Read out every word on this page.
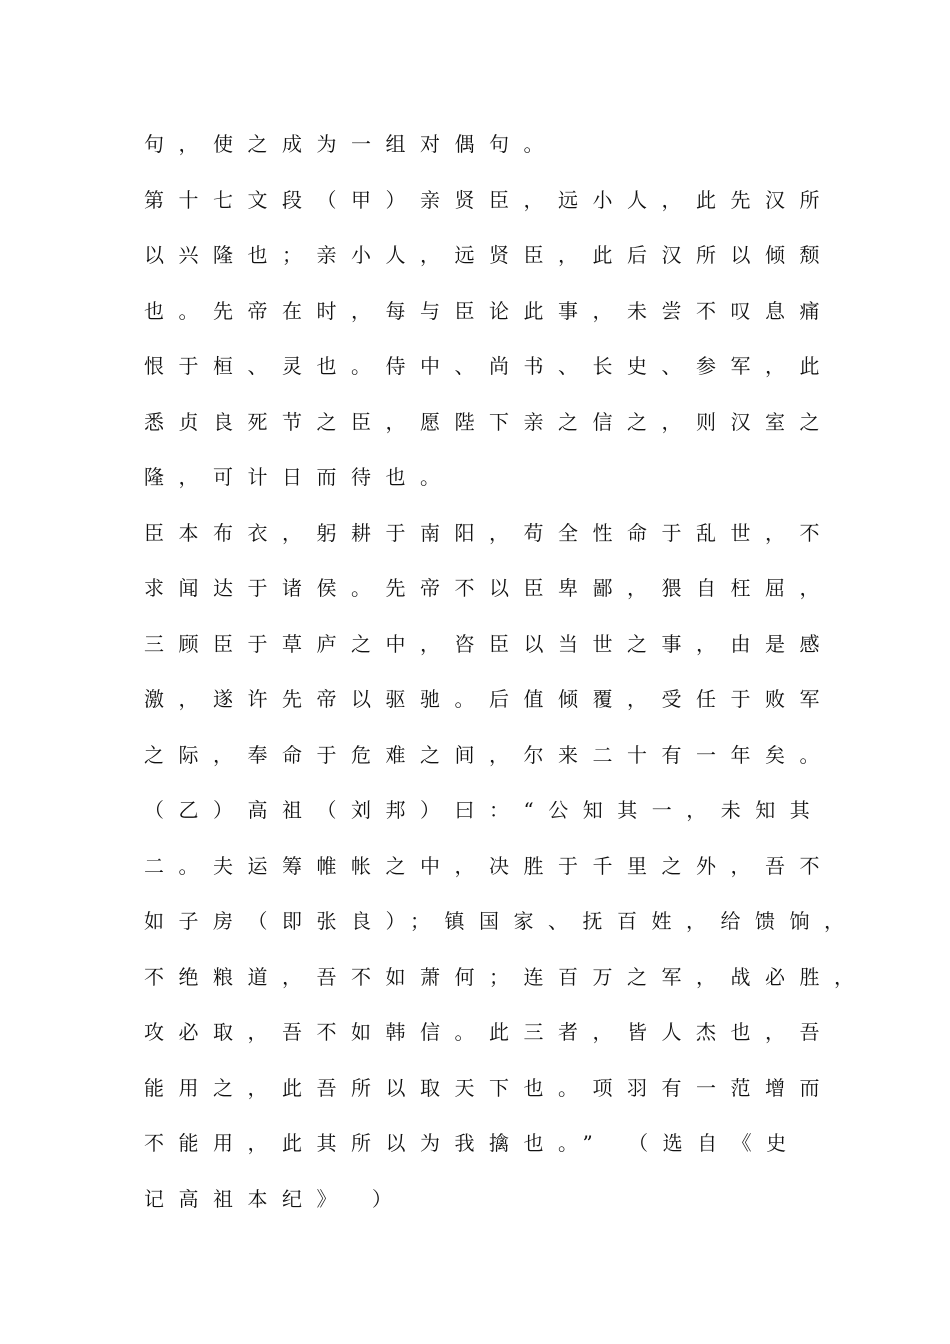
句，使之成为一组对偶句。
第十七文段（甲）亲贤臣，远小人，此先汉所
以兴隆也；亲小人，远贤臣，此后汉所以倾颓
也。先帝在时，每与臣论此事，未尝不叹息痛
恨于桓、灵也。侍中、尚书、长史、参军，此
悉贞良死节之臣，愿陛下亲之信之，则汉室之
隆，可计日而待也。
臣本布衣，躬耕于南阳，苟全性命于乱世，不
求闻达于诸侯。先帝不以臣卑鄙，猥自枉屈，
三顾臣于草庐之中，咨臣以当世之事，由是感
激，遂许先帝以驱驰。后值倾覆，受任于败军
之际，奉命于危难之间，尔来二十有一年矣。
（乙）高祖（刘邦）曰：“公知其一，未知其
二。夫运筹帷帐之中，决胜于千里之外，吾不
如子房（即张良）；镇国家、抚百姓，给馈饷，
不绝粮道，吾不如萧何；连百万之军，战必胜，
攻必取，吾不如韩信。此三者，皆人杰也，吾
能用之，此吾所以取天下也。项羽有一范增而
不能用，此其所以为我擒也。” （选自《史
记高祖本纪》 ）
